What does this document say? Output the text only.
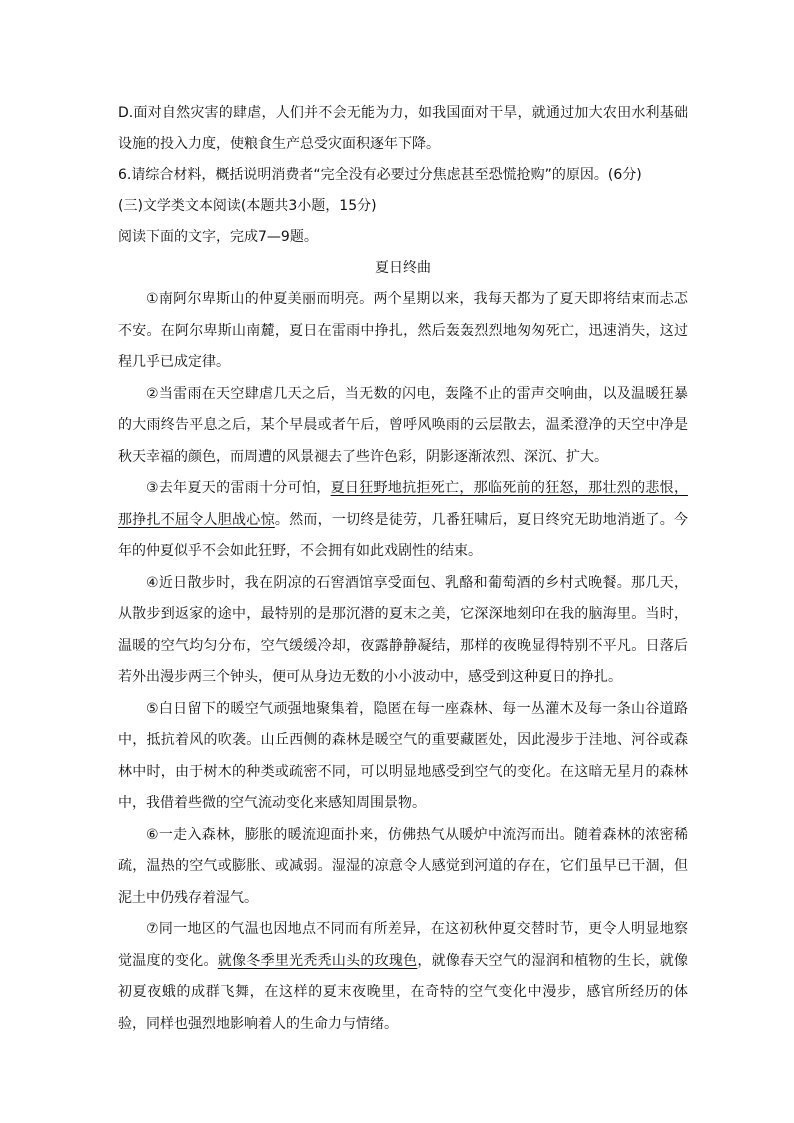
D.面对自然灾害的肆虐，人们并不会无能为力，如我国面对干旱，就通过加大农田水利基础设施的投入力度，使粮食生产总受灾面积逐年下降。

6.请综合材料，概括说明消费者“完全没有必要过分焦虑甚至恐慌抢购”的原因。(6分)
(三)文学类文本阅读(本题共3小题，15分)
阅读下面的文字，完成7—9题。

夏日终曲

①南阿尔卑斯山的仲夏美丽而明亮。两个星期以来，我每天都为了夏天即将结束而忐忑不安。在阿尔卑斯山南麓，夏日在雷雨中挣扎，然后轰轰烈烈地匆匆死亡，迅速消失，这过程几乎已成定律。

②当雷雨在天空肆虐几天之后，当无数的闪电，轰隆不止的雷声交响曲，以及温暖狂暴的大雨终告平息之后，某个早晨或者午后，曾呼风唤雨的云层散去，温柔澄净的天空中净是秋天幸福的颜色，而周遭的风景褪去了些许色彩，阴影逐渐浓烈、深沉、扩大。

③去年夏天的雷雨十分可怕，夏日狂野地抗拒死亡，那临死前的狂怒，那壮烈的悲恨，那挣扎不屈令人胆战心惊。然而，一切终是徒劳，几番狂啸后，夏日终究无助地消逝了。今年的仲夏似乎不会如此狂野，不会拥有如此戏剧性的结束。

④近日散步时，我在阴凉的石窖酒馆享受面包、乳酪和葡萄酒的乡村式晚餐。那几天，从散步到返家的途中，最特别的是那沉潜的夏末之美，它深深地刻印在我的脑海里。当时，温暖的空气均匀分布，空气缓缓冷却，夜露静静凝结，那样的夜晚显得特别不平凡。日落后若外出漫步两三个钟头，便可从身边无数的小小波动中，感受到这种夏日的挣扎。

⑤白日留下的暖空气顽强地聚集着，隐匿在每一座森林、每一丛灌木及每一条山谷道路中，抵抗着风的吹袭。山丘西侧的森林是暖空气的重要藏匿处，因此漫步于洼地、河谷或森林中时，由于树木的种类或疏密不同，可以明显地感受到空气的变化。在这暗无星月的森林中，我借着些微的空气流动变化来感知周围景物。

⑥一走入森林，膨胀的暖流迎面扑来，仿佛热气从暖炉中流泻而出。随着森林的浓密稀疏，温热的空气或膨胀、或减弱。湿湿的凉意令人感觉到河道的存在，它们虽早已干涸，但泥土中仍残存着湿气。

⑦同一地区的气温也因地点不同而有所差异，在这初秋仲夏交替时节，更令人明显地察觉温度的变化。就像冬季里光秃秃山头的玫瑰色，就像春天空气的湿润和植物的生长，就像初夏夜蛾的成群飞舞，在这样的夏末夜晚里，在奇特的空气变化中漫步，感官所经历的体验，同样也强烈地影响着人的生命力与情绪。
